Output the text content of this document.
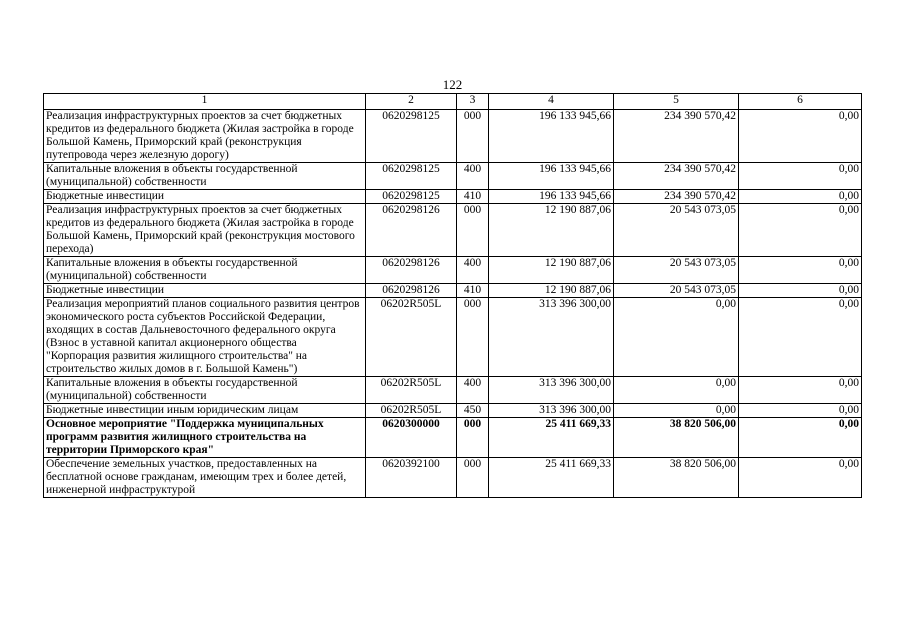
122
1	2	3	4	5	6
Реализация инфраструктурных проектов за счет бюджетных кредитов из федерального бюджета (Жилая застройка в городе Большой Камень, Приморский край (реконструкция путепровода через железную дорогу)	0620298125	000	196 133 945,66	234 390 570,42	0,00
Капитальные вложения в объекты государственной (муниципальной) собственности	0620298125	400	196 133 945,66	234 390 570,42	0,00
Бюджетные инвестиции	0620298125	410	196 133 945,66	234 390 570,42	0,00
Реализация инфраструктурных проектов за счет бюджетных кредитов из федерального бюджета (Жилая застройка в городе Большой Камень, Приморский край (реконструкция мостового перехода)	0620298126	000	12 190 887,06	20 543 073,05	0,00
Капитальные вложения в объекты государственной (муниципальной) собственности	0620298126	400	12 190 887,06	20 543 073,05	0,00
Бюджетные инвестиции	0620298126	410	12 190 887,06	20 543 073,05	0,00
Реализация мероприятий планов социального развития центров экономического роста субъектов Российской Федерации, входящих в состав Дальневосточного федерального округа (Взнос в уставной капитал акционерного общества "Корпорация развития жилищного строительства" на строительство жилых домов в г. Большой Камень")	06202R505L	000	313 396 300,00	0,00	0,00
Капитальные вложения в объекты государственной (муниципальной) собственности	06202R505L	400	313 396 300,00	0,00	0,00
Бюджетные инвестиции иным юридическим лицам	06202R505L	450	313 396 300,00	0,00	0,00
Основное мероприятие "Поддержка муниципальных программ развития жилищного строительства на территории Приморского края"	0620300000	000	25 411 669,33	38 820 506,00	0,00
Обеспечение земельных участков, предоставленных на бесплатной основе гражданам, имеющим трех и более детей, инженерной инфраструктурой	0620392100	000	25 411 669,33	38 820 506,00	0,00
